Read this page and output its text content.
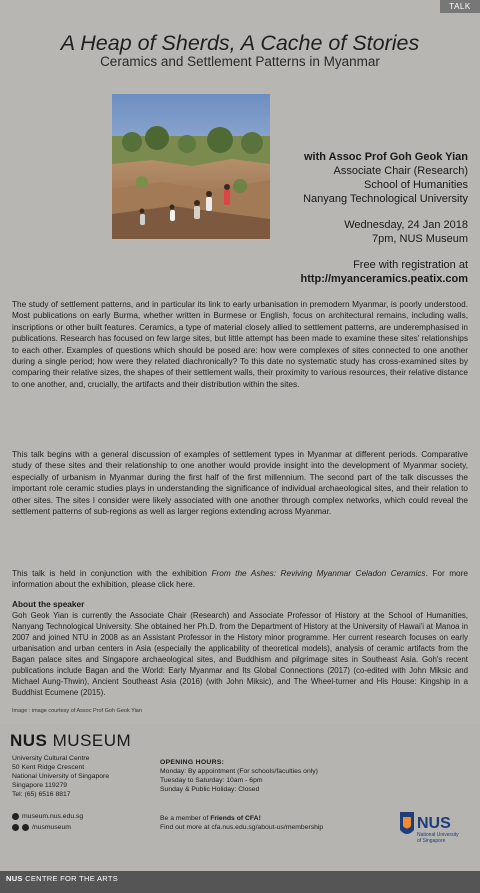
TALK
A Heap of Sherds, A Cache of Stories
Ceramics and Settlement Patterns in Myanmar
with Assoc Prof Goh Geok Yian
Associate Chair (Research)
School of Humanities
Nanyang Technological University
Wednesday, 24 Jan 2018
7pm, NUS Museum
Free with registration at
http://myanceramics.peatix.com
The study of settlement patterns, and in particular its link to early urbanisation in premodern Myanmar, is poorly understood. Most publications on early Burma, whether written in Burmese or English, focus on architectural remains, including walls, inscriptions or other built features. Ceramics, a type of material closely allied to settlement patterns, are underemphasised in publications. Research has focused on few large sites, but little attempt has been made to examine these sites' relationships to each other. Examples of questions which should be posed are: how were complexes of sites connected to one another during a single period; how were they related diachronically? To this date no systematic study has cross-examined sites by comparing their relative sizes, the shapes of their settlement walls, their proximity to various resources, their relative distance to one another, and, crucially, the artifacts and their distribution within the sites.
This talk begins with a general discussion of examples of settlement types in Myanmar at different periods. Comparative study of these sites and their relationship to one another would provide insight into the development of Myanmar society, especially of urbanism in Myanmar during the first half of the first millennium. The second part of the talk discusses the important role ceramic studies plays in understanding the significance of individual archaeological sites, and their relation to other sites. The sites I consider were likely associated with one another through complex networks, which could reveal the settlement patterns of sub-regions as well as larger regions extending across Myanmar.
This talk is held in conjunction with the exhibition From the Ashes: Reviving Myanmar Celadon Ceramics. For more information about the exhibition, please click here.
About the speaker
Goh Geok Yian is currently the Associate Chair (Research) and Associate Professor of History at the School of Humanities, Nanyang Technological University. She obtained her Ph.D. from the Department of History at the University of Hawai'i at Manoa in 2007 and joined NTU in 2008 as an Assistant Professor in the History minor programme. Her current research focuses on early urbanisation and urban centers in Asia (especially the applicability of theoretical models), analysis of ceramic artifacts from the Bagan palace sites and Singapore archaeological sites, and Buddhism and pilgrimage sites in Southeast Asia. Goh's recent publications include Bagan and the World: Early Myanmar and Its Global Connections (2017) (co-edited with John Miksic and Michael Aung-Thwin), Ancient Southeast Asia (2016) (with John Miksic), and The Wheel-turner and His House: Kingship in a Buddhist Ecumene (2015).
Image : image courtesy of Assoc Prof Goh Geok Yian
NUS MUSEUM
University Cultural Centre
50 Kent Ridge Crescent
National University of Singapore
Singapore 119279
Tel: (65) 6516 8817
OPENING HOURS:
Monday: By appointment (For schools/faculties only)
Tuesday to Saturday: 10am - 6pm
Sunday & Public Holiday: Closed
museum.nus.edu.sg
/nusmuseum
Be a member of Friends of CFA!
Find out more at cfa.nus.edu.sg/about-us/membership	NUS
National University
of Singapore
NUS CENTRE FOR THE ARTS
